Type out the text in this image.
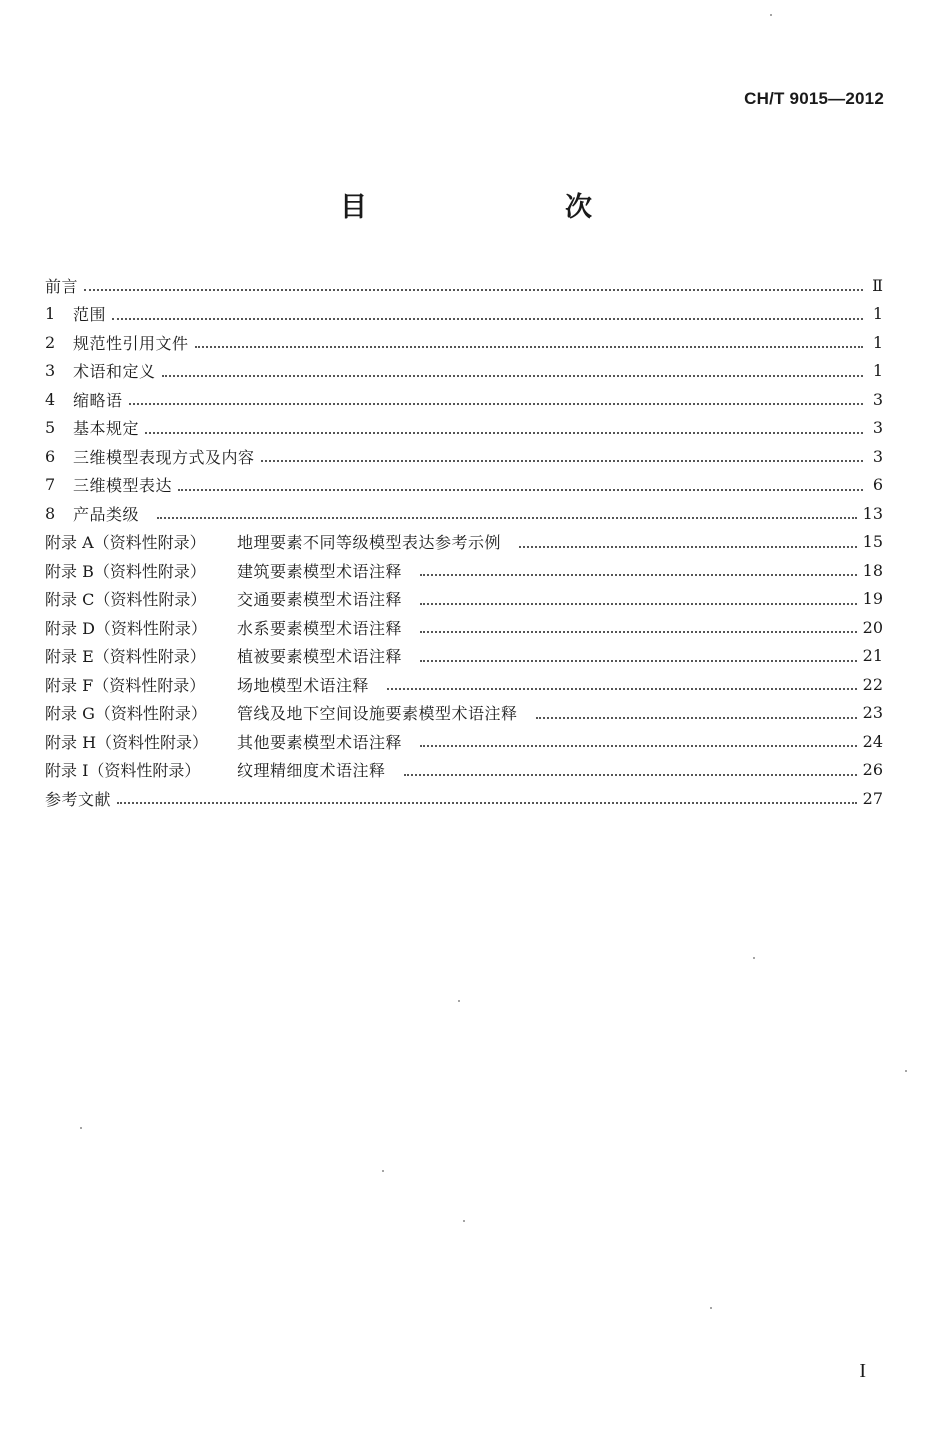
CH/T 9015—2012
目　　次
前言	Ⅱ
1	范围	1
2	规范性引用文件	1
3	术语和定义	1
4	缩略语	3
5	基本规定	3
6	三维模型表现方式及内容	3
7	三维模型表达	6
8	产品类级	13
附录 A（资料性附录）	地理要素不同等级模型表达参考示例	15
附录 B（资料性附录）	建筑要素模型术语注释	18
附录 C（资料性附录）	交通要素模型术语注释	19
附录 D（资料性附录）	水系要素模型术语注释	20
附录 E（资料性附录）	植被要素模型术语注释	21
附录 F（资料性附录）	场地模型术语注释	22
附录 G（资料性附录）	管线及地下空间设施要素模型术语注释	23
附录 H（资料性附录）	其他要素模型术语注释	24
附录 I（资料性附录）	纹理精细度术语注释	26
参考文献	27
I
